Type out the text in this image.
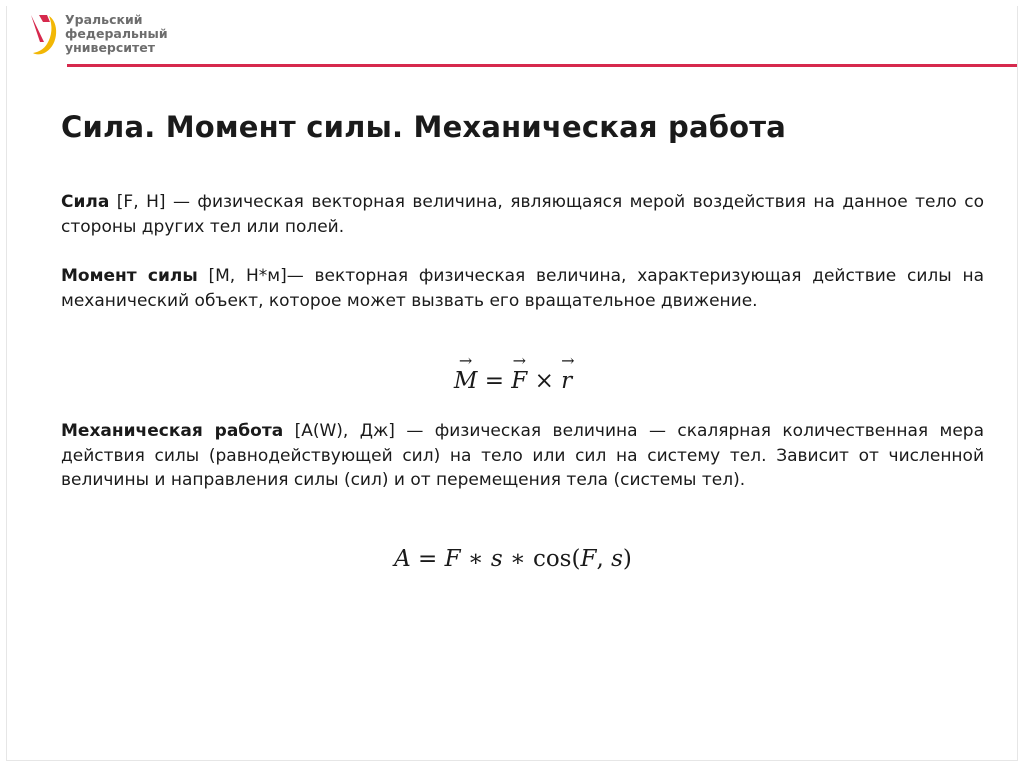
Уральский
федеральный
университет
Сила. Момент силы. Механическая работа
Сила [F, Н] — физическая векторная величина, являющаяся мерой воздействия на данное тело со стороны других тел или полей.
Момент силы [M, Н*м]— векторная физическая величина, характеризующая действие силы на механический объект, которое может вызвать его вращательное движение.
→ M = → F × → r
Механическая работа [A(W), Дж] — физическая величина — скалярная количественная мера действия силы (равнодействующей сил) на тело или сил на систему тел. Зависит от численной величины и направления силы (сил) и от перемещения тела (системы тел).
A = F ∗ s ∗ cos(F, s)
